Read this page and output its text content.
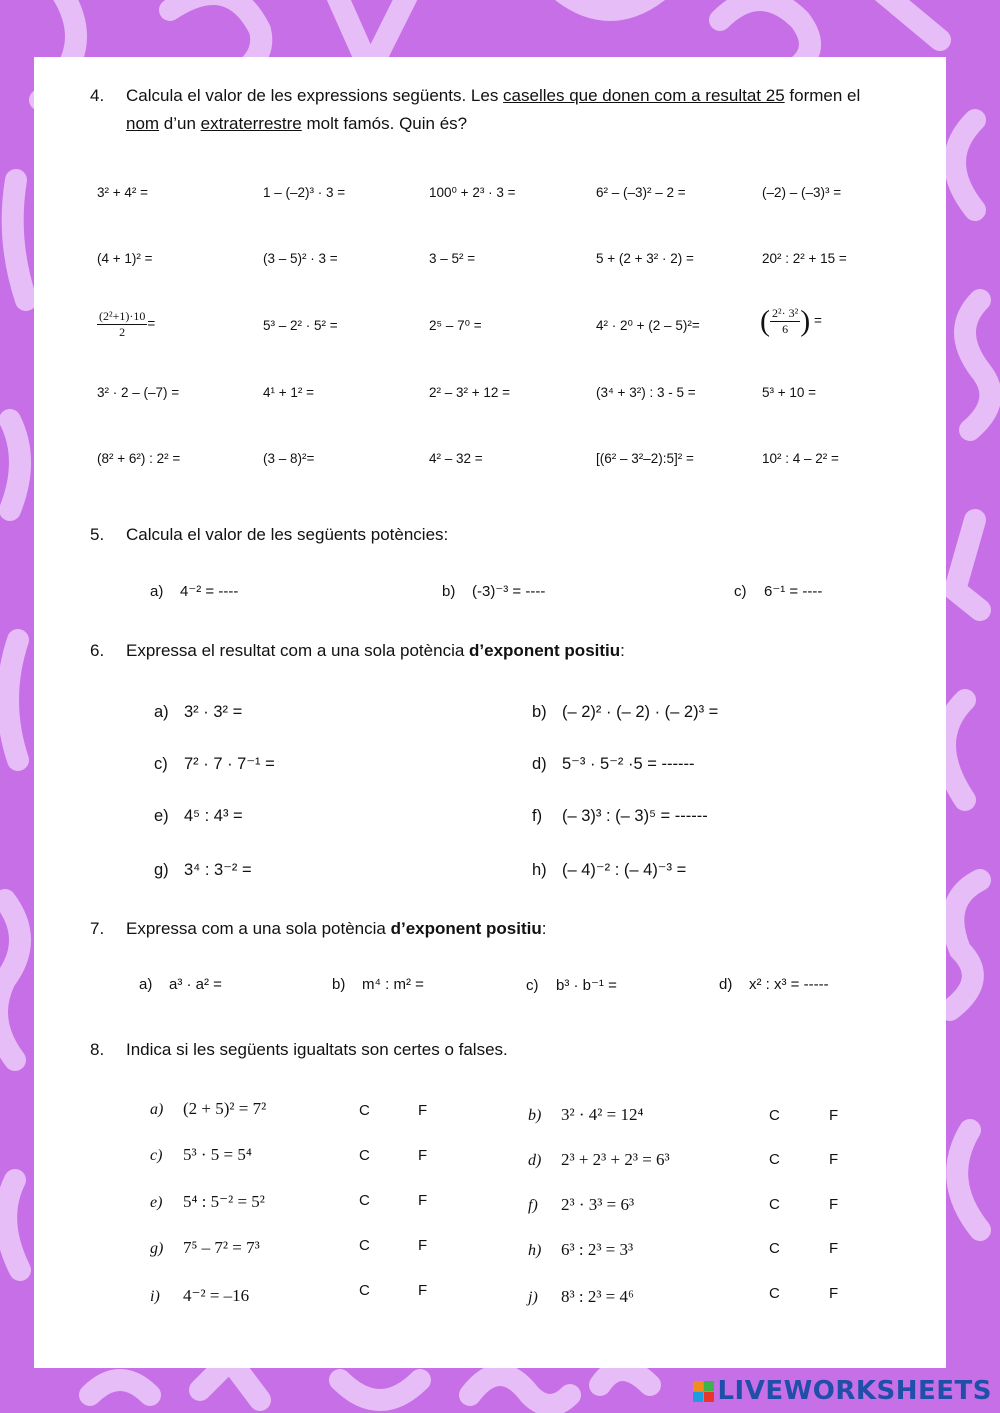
4. Calcula el valor de les expressions següents. Les caselles que donen com a resultat 25 formen el nom d’un extraterrestre molt famós. Quin és?
3² + 4² =	1 – (–2)³ · 3 =	100⁰ + 2³ · 3 =	6² – (–3)² – 2 =	(–2) – (–3)³ =
(4 + 1)² =	(3 – 5)² · 3 =	3 – 5² =	5 + (2 + 3² · 2) =	20² : 2² + 15 =
$\frac{\text{(2²+1)·10}}{2}$ =	5³ – 2² · 5² =	2⁵ – 7⁰ =	4² · 2⁰ + (2 – 5)²= ( $\frac{\text{2²· 3²}}{6}$ ) =
3² · 2 – (–7) =	4¹ + 1² =	2² – 3² + 12 =	(3⁴ + 3²) : 3 - 5 =	5³ + 10 =
(8² + 6²) : 2² =	(3 – 8)²=	4² – 32 =	[(6² – 3²–2):5]² =	10² : 4 – 2² =
5. Calcula el valor de les següents potències:
a) 4⁻² = ----	b) (-3)⁻³ = ----	c) 6⁻¹ = ----
6. Expressa el resultat com a una sola potència d’exponent positiu:
a) 3² · 3² =	b) (– 2)² · (– 2) · (– 2)³ =
c) 7² · 7 · 7⁻¹ =	d) 5⁻³ · 5⁻² ·5 = ------
e) 4⁵ : 4³ =	f) (– 3)³ : (– 3)⁵ = ------
g) 3⁴ : 3⁻² =	h) (– 4)⁻² : (– 4)⁻³ =
7. Expressa com a una sola potència d’exponent positiu:
a) a³ · a² =	b) m⁴ : m² =	c) b³ · b⁻¹ =	d) x² : x³ = -----
8. Indica si les següents igualtats son certes o falses.
a) (2 + 5)² = 7²	C	F
c) 5³ · 5 = 5⁴	C	F
e) 5⁴ : 5⁻² = 5²	C	F
g) 7⁵ – 7² = 7³	C	F
i) 4⁻² = –16	C	F
b) 3² · 4² = 12⁴	C	F
d) 2³ + 2³ + 2³ = 6³	C	F
f) 2³ · 3³ = 6³	C	F
h) 6³ : 2³ = 3³	C	F
j) 8³ : 2³ = 4⁶	C	F
LIVEWORKSHEETS
